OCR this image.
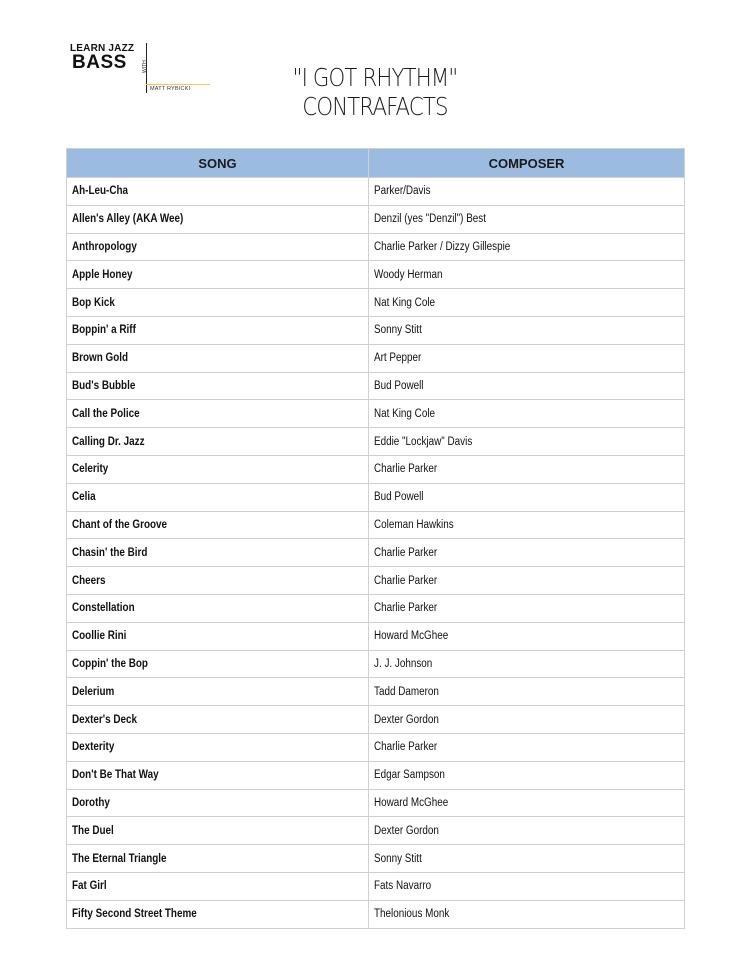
LEARN JAZZ
BASS	WITH
MATT RYBICKI	"I GOT RHYTHM"
CONTRAFACTS
SONG	COMPOSER
Ah-Leu-Cha	Parker/Davis
Allen's Alley (AKA Wee)	Denzil (yes "Denzil") Best
Anthropology	Charlie Parker / Dizzy Gillespie
Apple Honey	Woody Herman
Bop Kick	Nat King Cole
Boppin' a Riff	Sonny Stitt
Brown Gold	Art Pepper
Bud's Bubble	Bud Powell
Call the Police	Nat King Cole
Calling Dr. Jazz	Eddie "Lockjaw" Davis
Celerity	Charlie Parker
Celia	Bud Powell
Chant of the Groove	Coleman Hawkins
Chasin' the Bird	Charlie Parker
Cheers	Charlie Parker
Constellation	Charlie Parker
Coollie Rini	Howard McGhee
Coppin' the Bop	J. J. Johnson
Delerium	Tadd Dameron
Dexter's Deck	Dexter Gordon
Dexterity	Charlie Parker
Don't Be That Way	Edgar Sampson
Dorothy	Howard McGhee
The Duel	Dexter Gordon
The Eternal Triangle	Sonny Stitt
Fat Girl	Fats Navarro
Fifty Second Street Theme	Thelonious Monk
